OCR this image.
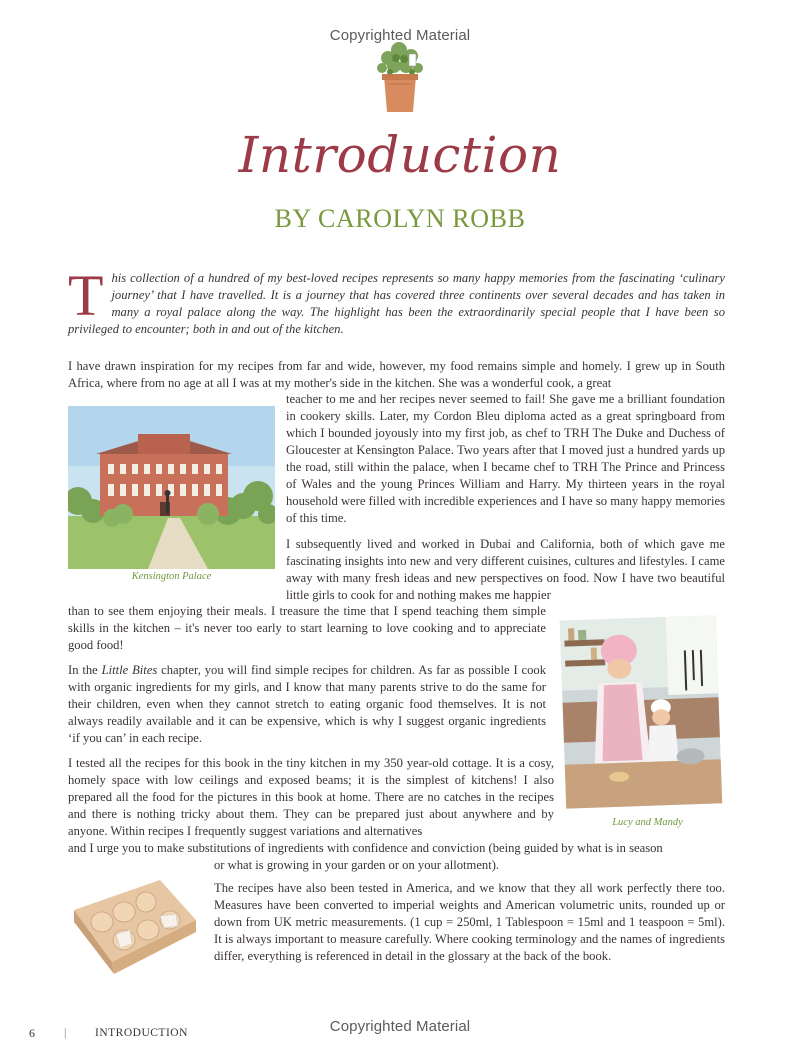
Copyrighted Material
Introduction
BY CAROLYN ROBB
This collection of a hundred of my best-loved recipes represents so many happy memories from the fascinating ‘culinary journey’ that I have travelled. It is a journey that has covered three continents over several decades and has taken in many a royal palace along the way. The highlight has been the extraordinarily special people that I have been so privileged to encounter; both in and out of the kitchen.
I have drawn inspiration for my recipes from far and wide, however, my food remains simple and homely. I grew up in South Africa, where from no age at all I was at my mother's side in the kitchen. She was a wonderful cook, a great
Kensington Palace
teacher to me and her recipes never seemed to fail! She gave me a brilliant foundation in cookery skills. Later, my Cordon Bleu diploma acted as a great springboard from which I bounded joyously into my first job, as chef to TRH The Duke and Duchess of Gloucester at Kensington Palace. Two years after that I moved just a hundred yards up the road, still within the palace, when I became chef to TRH The Prince and Princess of Wales and the young Princes William and Harry. My thirteen years in the royal household were filled with incredible experiences and I have so many happy memories of this time.
I subsequently lived and worked in Dubai and California, both of which gave me fascinating insights into new and very different cuisines, cultures and lifestyles. I came away with many fresh ideas and new perspectives on food. Now I have two beautiful little girls to cook for and nothing makes me happier
than to see them enjoying their meals. I treasure the time that I spend teaching them simple skills in the kitchen – it's never too early to start learning to love cooking and to appreciate good food!
Lucy and Mandy
In the Little Bites chapter, you will find simple recipes for children. As far as possible I cook with organic ingredients for my girls, and I know that many parents strive to do the same for their children, even when they cannot stretch to eating organic food themselves. It is not always readily available and it can be expensive, which is why I suggest organic ingredients ‘if you can’ in each recipe.
I tested all the recipes for this book in the tiny kitchen in my 350 year-old cottage. It is a cosy, homely space with low ceilings and exposed beams; it is the simplest of kitchens! I also prepared all the food for the pictures in this book at home. There are no catches in the recipes and there is nothing tricky about them. They can be prepared just about anywhere and by anyone. Within recipes I frequently suggest variations and alternatives
and I urge you to make substitutions of ingredients with confidence and conviction (being guided by what is in season
or what is growing in your garden or on your allotment).
The recipes have also been tested in America, and we know that they all work perfectly there too. Measures have been converted to imperial weights and American volumetric units, rounded up or down from UK metric measurements. (1 cup = 250ml, 1 Tablespoon = 15ml and 1 teaspoon = 5ml). It is always important to measure carefully. Where cooking terminology and the names of ingredients differ, everything is referenced in detail in the glossary at the back of the book.
6 | INTRODUCTION	Copyrighted Material
